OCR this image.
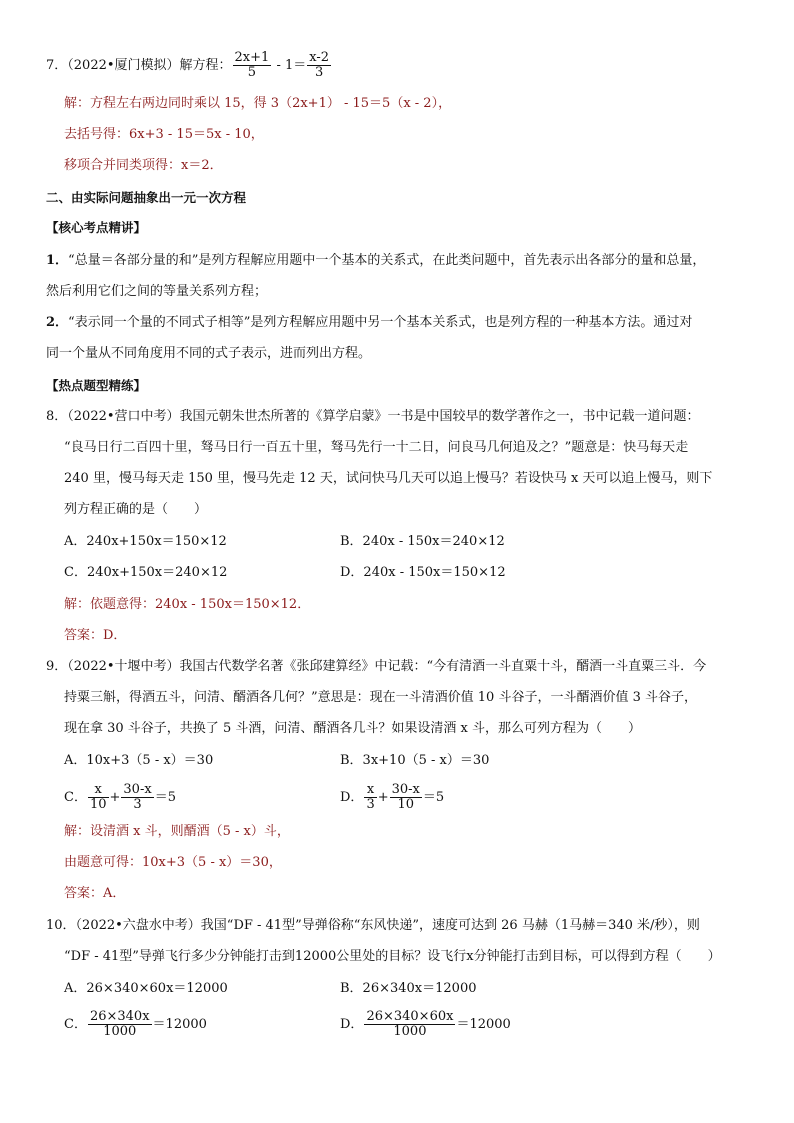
7．（2022•厦门模拟）解方程： $\frac{2x+1}{5} - 1= \frac{x-2}{3}$
解：方程左右两边同时乘以 15，得 3（2x+1） - 15＝5（x - 2），
去括号得：6x+3 - 15＝5x - 10，
移项合并同类项得：x＝2．
二、由实际问题抽象出一元一次方程
【核心考点精讲】
1．“总量＝各部分量的和”是列方程解应用题中一个基本的关系式，在此类问题中，首先表示出各部分的量和总量，
然后利用它们之间的等量关系列方程；
2．“表示同一个量的不同式子相等”是列方程解应用题中另一个基本关系式，也是列方程的一种基本方法。通过对
同一个量从不同角度用不同的式子表示，进而列出方程。
【热点题型精练】
8．（2022•营口中考）我国元朝朱世杰所著的《算学启蒙》一书是中国较早的数学著作之一，书中记载一道问题：
“良马日行二百四十里，驽马日行一百五十里，驽马先行一十二日，问良马几何追及之？”题意是：快马每天走
240 里，慢马每天走 150 里，慢马先走 12 天，试问快马几天可以追上慢马？若设快马 x 天可以追上慢马，则下
列方程正确的是（　　）
A．240x+150x＝150×12	B．240x - 150x＝240×12
C．240x+150x＝240×12	D．240x - 150x＝150×12
解：依题意得：240x - 150x＝150×12．
答案：D．
9．（2022•十堰中考）我国古代数学名著《张邱建算经》中记载：“今有清酒一斗直粟十斗，醑酒一斗直粟三斗．今
持粟三斛，得酒五斗，问清、醑酒各几何？”意思是：现在一斗清酒价值 10 斗谷子，一斗醑酒价值 3 斗谷子，
现在拿 30 斗谷子，共换了 5 斗酒，问清、醑酒各几斗？如果设清酒 x 斗，那么可列方程为（　　）
A．10x+3（5 - x）＝30	B．3x+10（5 - x）＝30
C． $\frac{x}{10} + \frac{30-x}{3} =5$	D． $\frac{x}{3} + \frac{30-x}{10} =5$
解：设清酒 x 斗，则醑酒（5 - x）斗，
由题意可得：10x+3（5 - x）＝30，
答案：A．
10．（2022•六盘水中考）我国“DF - 41型”导弹俗称“东风快递”，速度可达到 26 马赫（1马赫＝340 米/秒），则
“DF - 41型”导弹飞行多少分钟能打击到12000公里处的目标？设飞行x分钟能打击到目标，可以得到方程（　　）
A．26×340×60x＝12000	B．26×340x＝12000
C． $\frac{26\times 340x}{1000} =12000$	D． $\frac{26\times 340\times 60x}{1000} =12000$
